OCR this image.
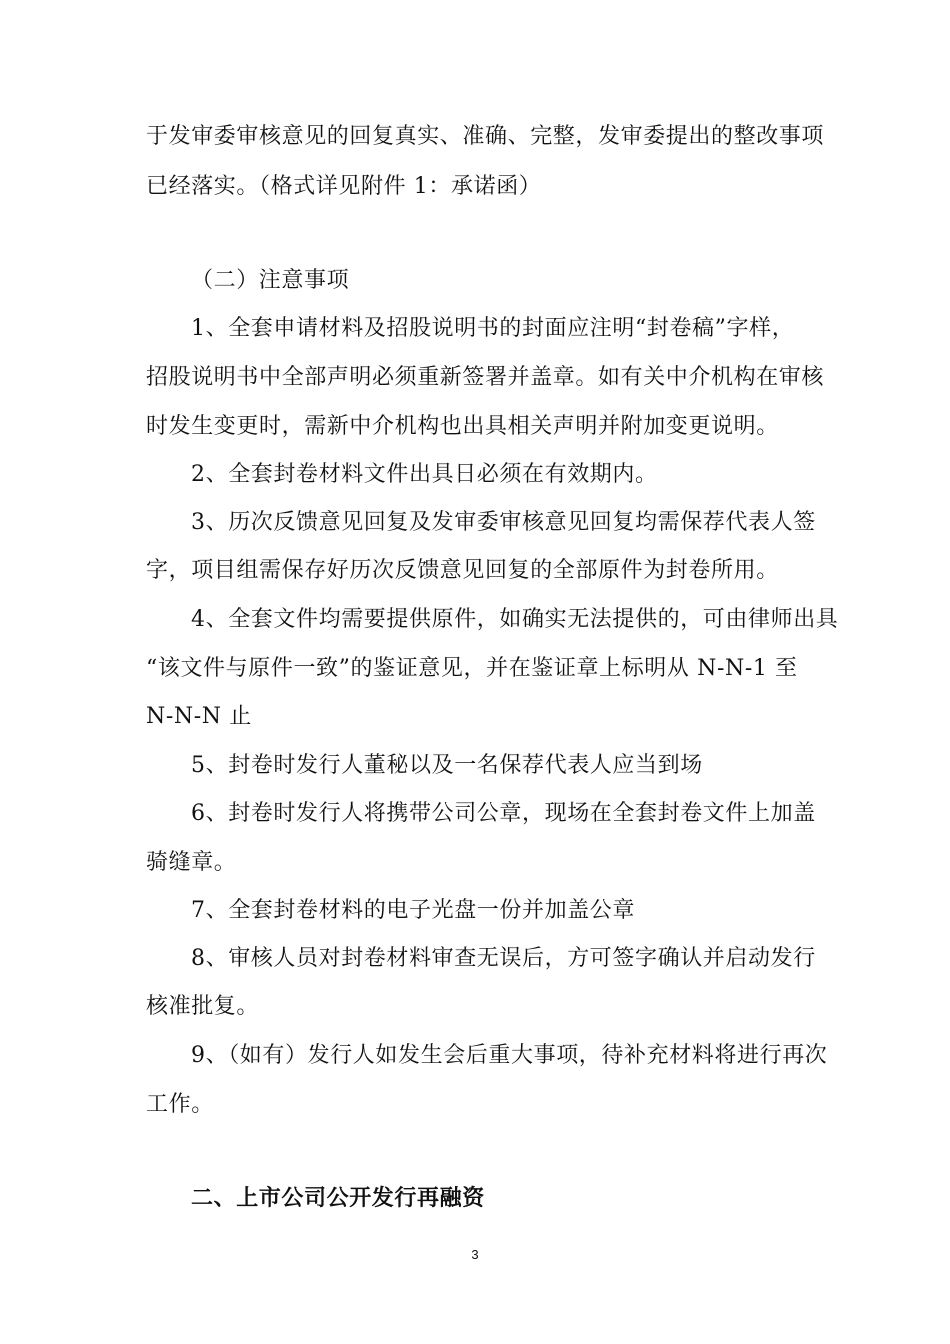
于发审委审核意见的回复真实、准确、完整，发审委提出的整改事项
已经落实。（格式详见附件 1：承诺函）
（二）注意事项
1、全套申请材料及招股说明书的封面应注明“封卷稿”字样，
招股说明书中全部声明必须重新签署并盖章。如有关中介机构在审核
时发生变更时，需新中介机构也出具相关声明并附加变更说明。
2、全套封卷材料文件出具日必须在有效期内。
3、历次反馈意见回复及发审委审核意见回复均需保荐代表人签
字，项目组需保存好历次反馈意见回复的全部原件为封卷所用。
4、全套文件均需要提供原件，如确实无法提供的，可由律师出具
“该文件与原件一致”的鉴证意见，并在鉴证章上标明从 N-N-1 至
N-N-N 止
5、封卷时发行人董秘以及一名保荐代表人应当到场
6、封卷时发行人将携带公司公章，现场在全套封卷文件上加盖
骑缝章。
7、全套封卷材料的电子光盘一份并加盖公章
8、审核人员对封卷材料审查无误后，方可签字确认并启动发行
核准批复。
9、（如有）发行人如发生会后重大事项，待补充材料将进行再次
工作。
二、上市公司公开发行再融资
3
